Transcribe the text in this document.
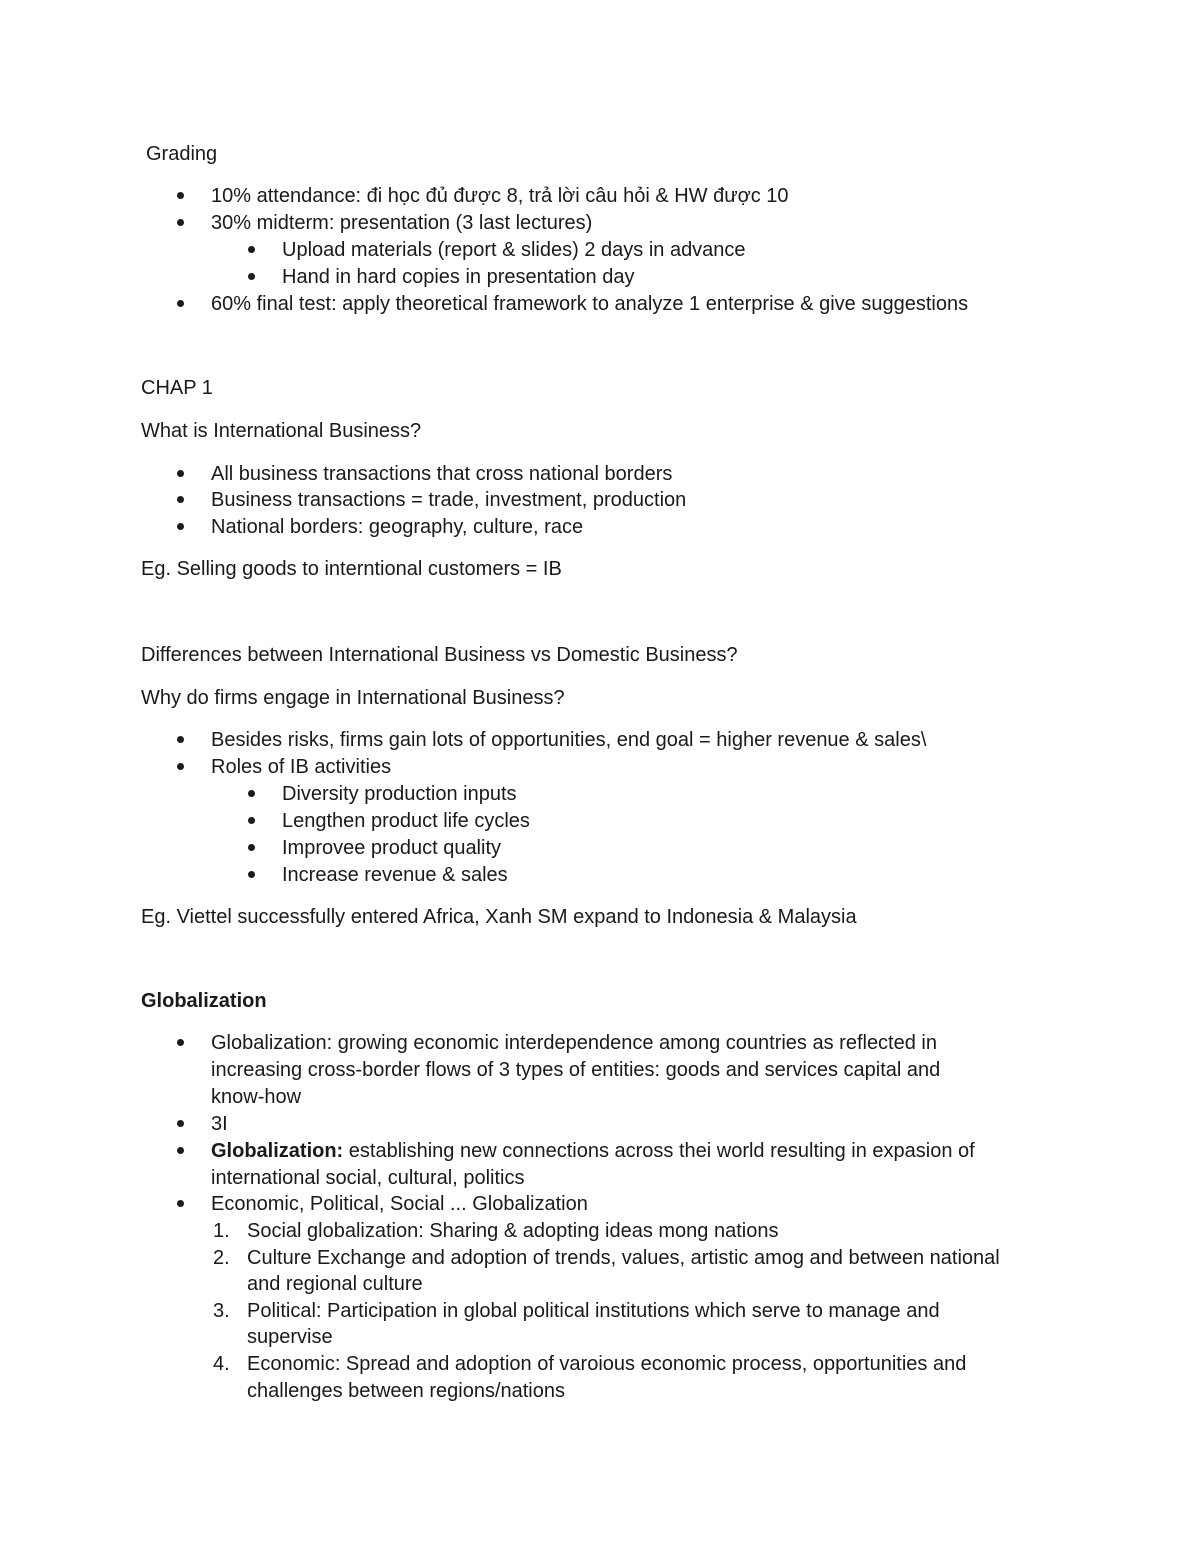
Grading
10% attendance: đi học đủ được 8, trả lời câu hỏi & HW được 10
30% midterm: presentation (3 last lectures)
Upload materials (report & slides) 2 days in advance
Hand in hard copies in presentation day
60% final test: apply theoretical framework to analyze 1 enterprise & give suggestions
CHAP 1
What is International Business?
All business transactions that cross national borders
Business transactions = trade, investment, production
National borders: geography, culture, race
Eg. Selling goods to interntional customers = IB
Differences between International Business vs Domestic Business?
Why do firms engage in International Business?
Besides risks, firms gain lots of opportunities, end goal = higher revenue & sales\
Roles of IB activities
Diversity production inputs
Lengthen product life cycles
Improvee product quality
Increase revenue & sales
Eg. Viettel successfully entered Africa, Xanh SM expand to Indonesia & Malaysia
Globalization
Globalization: growing economic interdependence among countries as reflected in
increasing cross-border flows of 3 types of entities: goods and services capital and
know-how
3I
Globalization: establishing new connections across thei world resulting in expasion of
international social, cultural, politics
Economic, Political, Social ... Globalization
1. Social globalization: Sharing & adopting ideas mong nations
2. Culture Exchange and adoption of trends, values, artistic amog and between national
and regional culture
3. Political: Participation in global political institutions which serve to manage and
supervise
4. Economic: Spread and adoption of varoious economic process, opportunities and
challenges between regions/nations
